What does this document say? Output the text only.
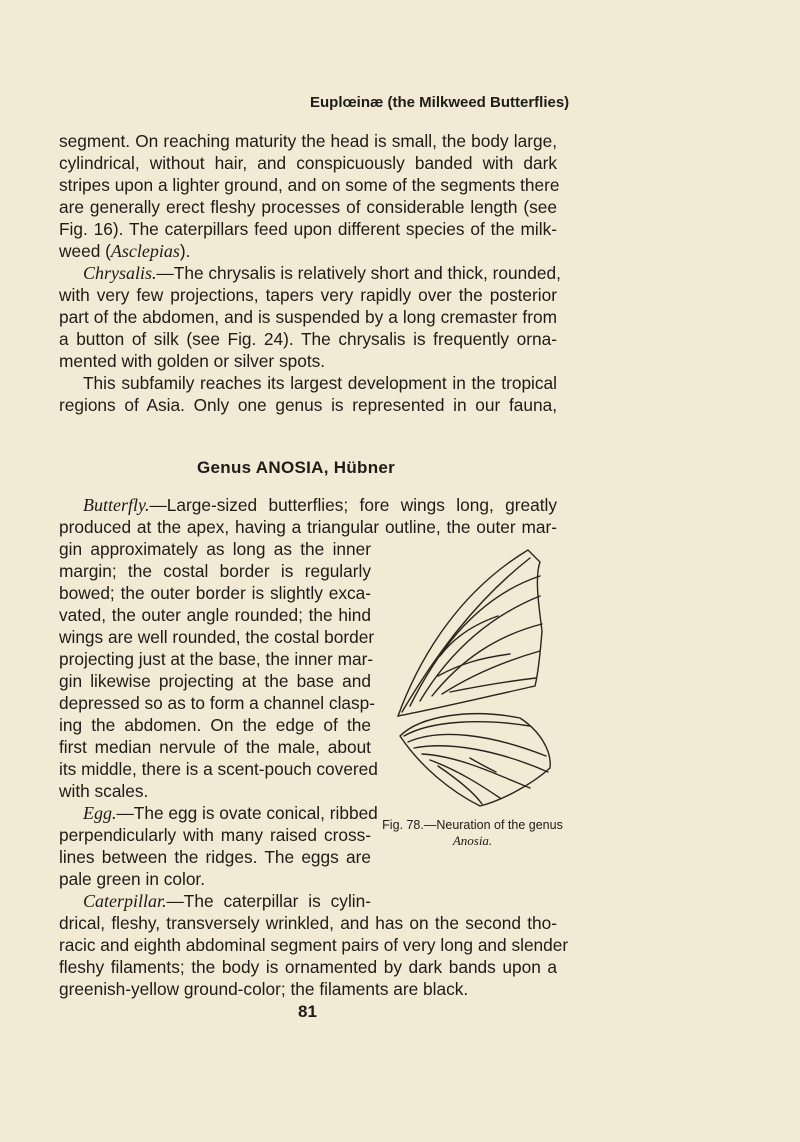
Euplœinæ (the Milkweed Butterflies)
segment. On reaching maturity the head is small, the body large,
cylindrical, without hair, and conspicuously banded with dark
stripes upon a lighter ground, and on some of the segments there
are generally erect fleshy processes of considerable length (see
Fig. 16). The caterpillars feed upon different species of the milk-
weed (Asclepias).
Chrysalis.—The chrysalis is relatively short and thick, rounded,
with very few projections, tapers very rapidly over the posterior
part of the abdomen, and is suspended by a long cremaster from
a button of silk (see Fig. 24). The chrysalis is frequently orna-
mented with golden or silver spots.
This subfamily reaches its largest development in the tropical
regions of Asia. Only one genus is represented in our fauna,
Genus ANOSIA, Hübner
Butterfly.—Large-sized butterflies; fore wings long, greatly
produced at the apex, having a triangular outline, the outer mar-
gin approximately as long as the inner
margin; the costal border is regularly
bowed; the outer border is slightly exca-
vated, the outer angle rounded; the hind
wings are well rounded, the costal border
projecting just at the base, the inner mar-
gin likewise projecting at the base and
depressed so as to form a channel clasp-
ing the abdomen. On the edge of the
first median nervule of the male, about
its middle, there is a scent-pouch covered
with scales.
Egg.—The egg is ovate conical, ribbed
perpendicularly with many raised cross-
lines between the ridges. The eggs are
pale green in color.
Caterpillar.—The caterpillar is cylin-
drical, fleshy, transversely wrinkled, and has on the second tho-
racic and eighth abdominal segment pairs of very long and slender
fleshy filaments; the body is ornamented by dark bands upon a
greenish-yellow ground-color; the filaments are black.
Fig. 78.—Neuration of the genus Anosia.
81
